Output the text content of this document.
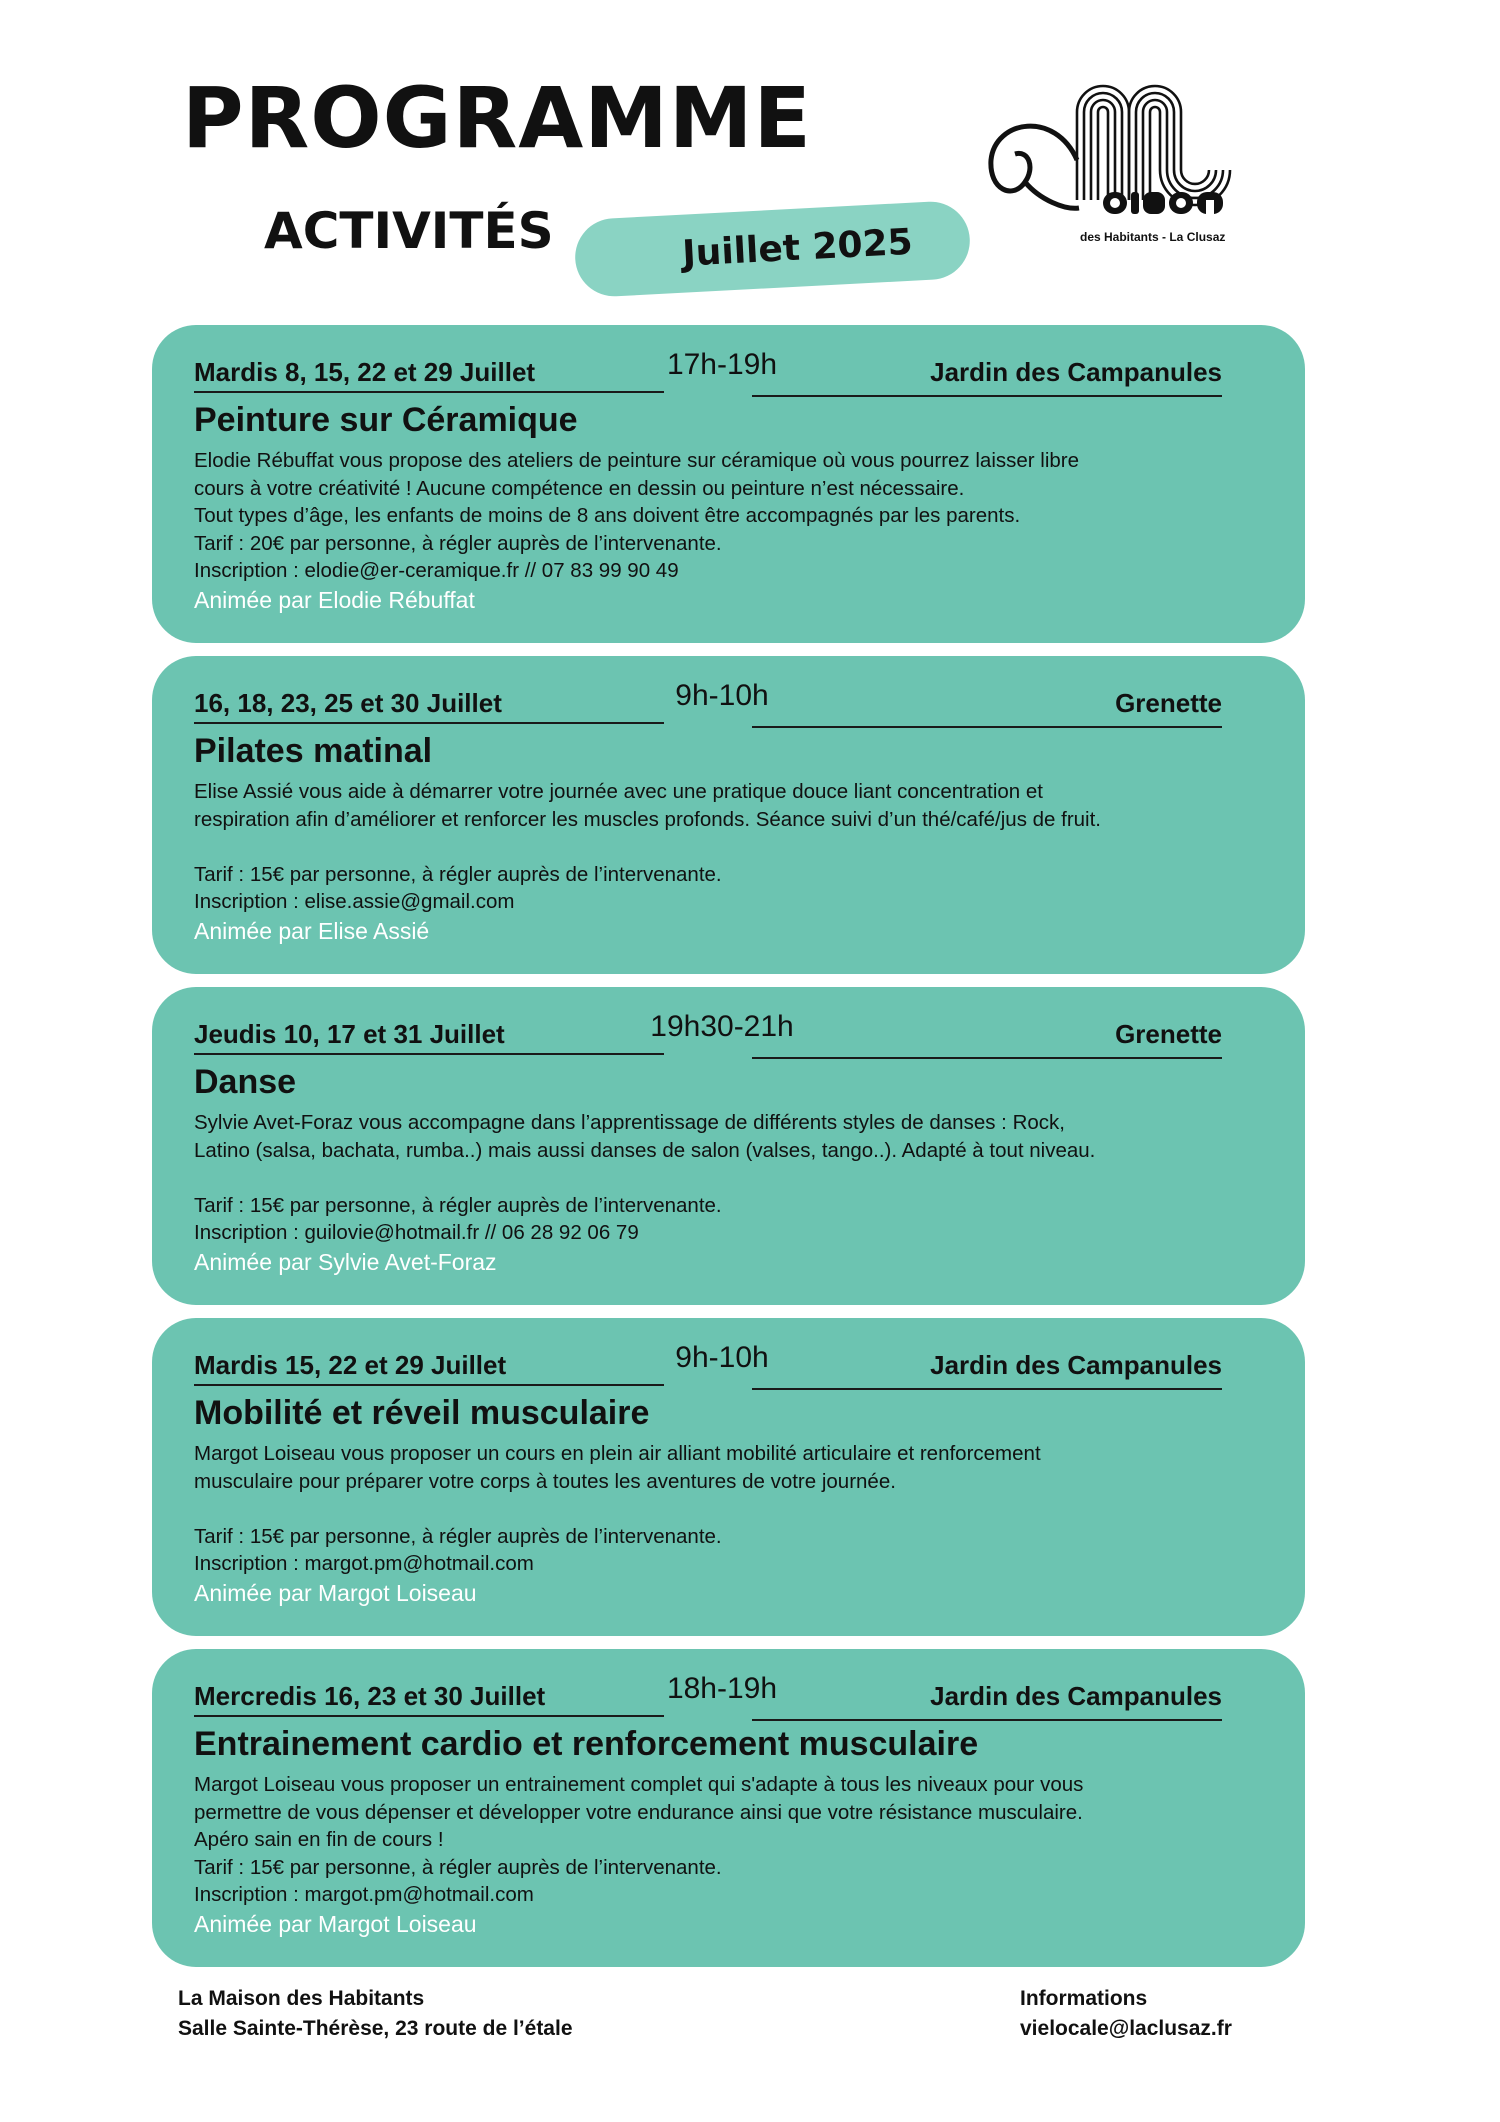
PROGRAMME
ACTIVITÉS	Juillet 2025	des Habitants - La Clusaz
Mardis 8, 15, 22 et 29 Juillet	17h-19h	Jardin des Campanules
Peinture sur Céramique

Elodie Rébuffat vous propose des ateliers de peinture sur céramique où vous pourrez laisser libre

cours à votre créativité ! Aucune compétence en dessin ou peinture n’est nécessaire.

Tout types d’âge, les enfants de moins de 8 ans doivent être accompagnés par les parents.

Tarif : 20€ par personne, à régler auprès de l’intervenante.

Inscription : elodie@er-ceramique.fr // 07 83 99 90 49

Animée par Elodie Rébuffat
16, 18, 23, 25 et 30 Juillet	9h-10h	Grenette
Pilates matinal

Elise Assié vous aide à démarrer votre journée avec une pratique douce liant concentration et

respiration afin d’améliorer et renforcer les muscles profonds. Séance suivi d’un thé/café/jus de fruit.

Tarif : 15€ par personne, à régler auprès de l’intervenante.

Inscription : elise.assie@gmail.com

Animée par Elise Assié
Jeudis 10, 17 et 31 Juillet	19h30-21h	Grenette
Danse

Sylvie Avet-Foraz vous accompagne dans l’apprentissage de différents styles de danses : Rock,

Latino (salsa, bachata, rumba..) mais aussi danses de salon (valses, tango..). Adapté à tout niveau.

Tarif : 15€ par personne, à régler auprès de l’intervenante.

Inscription : guilovie@hotmail.fr // 06 28 92 06 79

Animée par Sylvie Avet-Foraz
Mardis 15, 22 et 29 Juillet	9h-10h	Jardin des Campanules
Mobilité et réveil musculaire

Margot Loiseau vous proposer un cours en plein air alliant mobilité articulaire et renforcement

musculaire pour préparer votre corps à toutes les aventures de votre journée.

Tarif : 15€ par personne, à régler auprès de l’intervenante.

Inscription : margot.pm@hotmail.com

Animée par Margot Loiseau
Mercredis 16, 23 et 30 Juillet	18h-19h	Jardin des Campanules
Entrainement cardio et renforcement musculaire

Margot Loiseau vous proposer un entrainement complet qui s'adapte à tous les niveaux pour vous

permettre de vous dépenser et développer votre endurance ainsi que votre résistance musculaire.

Apéro sain en fin de cours !

Tarif : 15€ par personne, à régler auprès de l’intervenante.

Inscription : margot.pm@hotmail.com

Animée par Margot Loiseau
La Maison des Habitants
Salle Sainte-Thérèse, 23 route de l’étale
Informations
vielocale@laclusaz.fr
